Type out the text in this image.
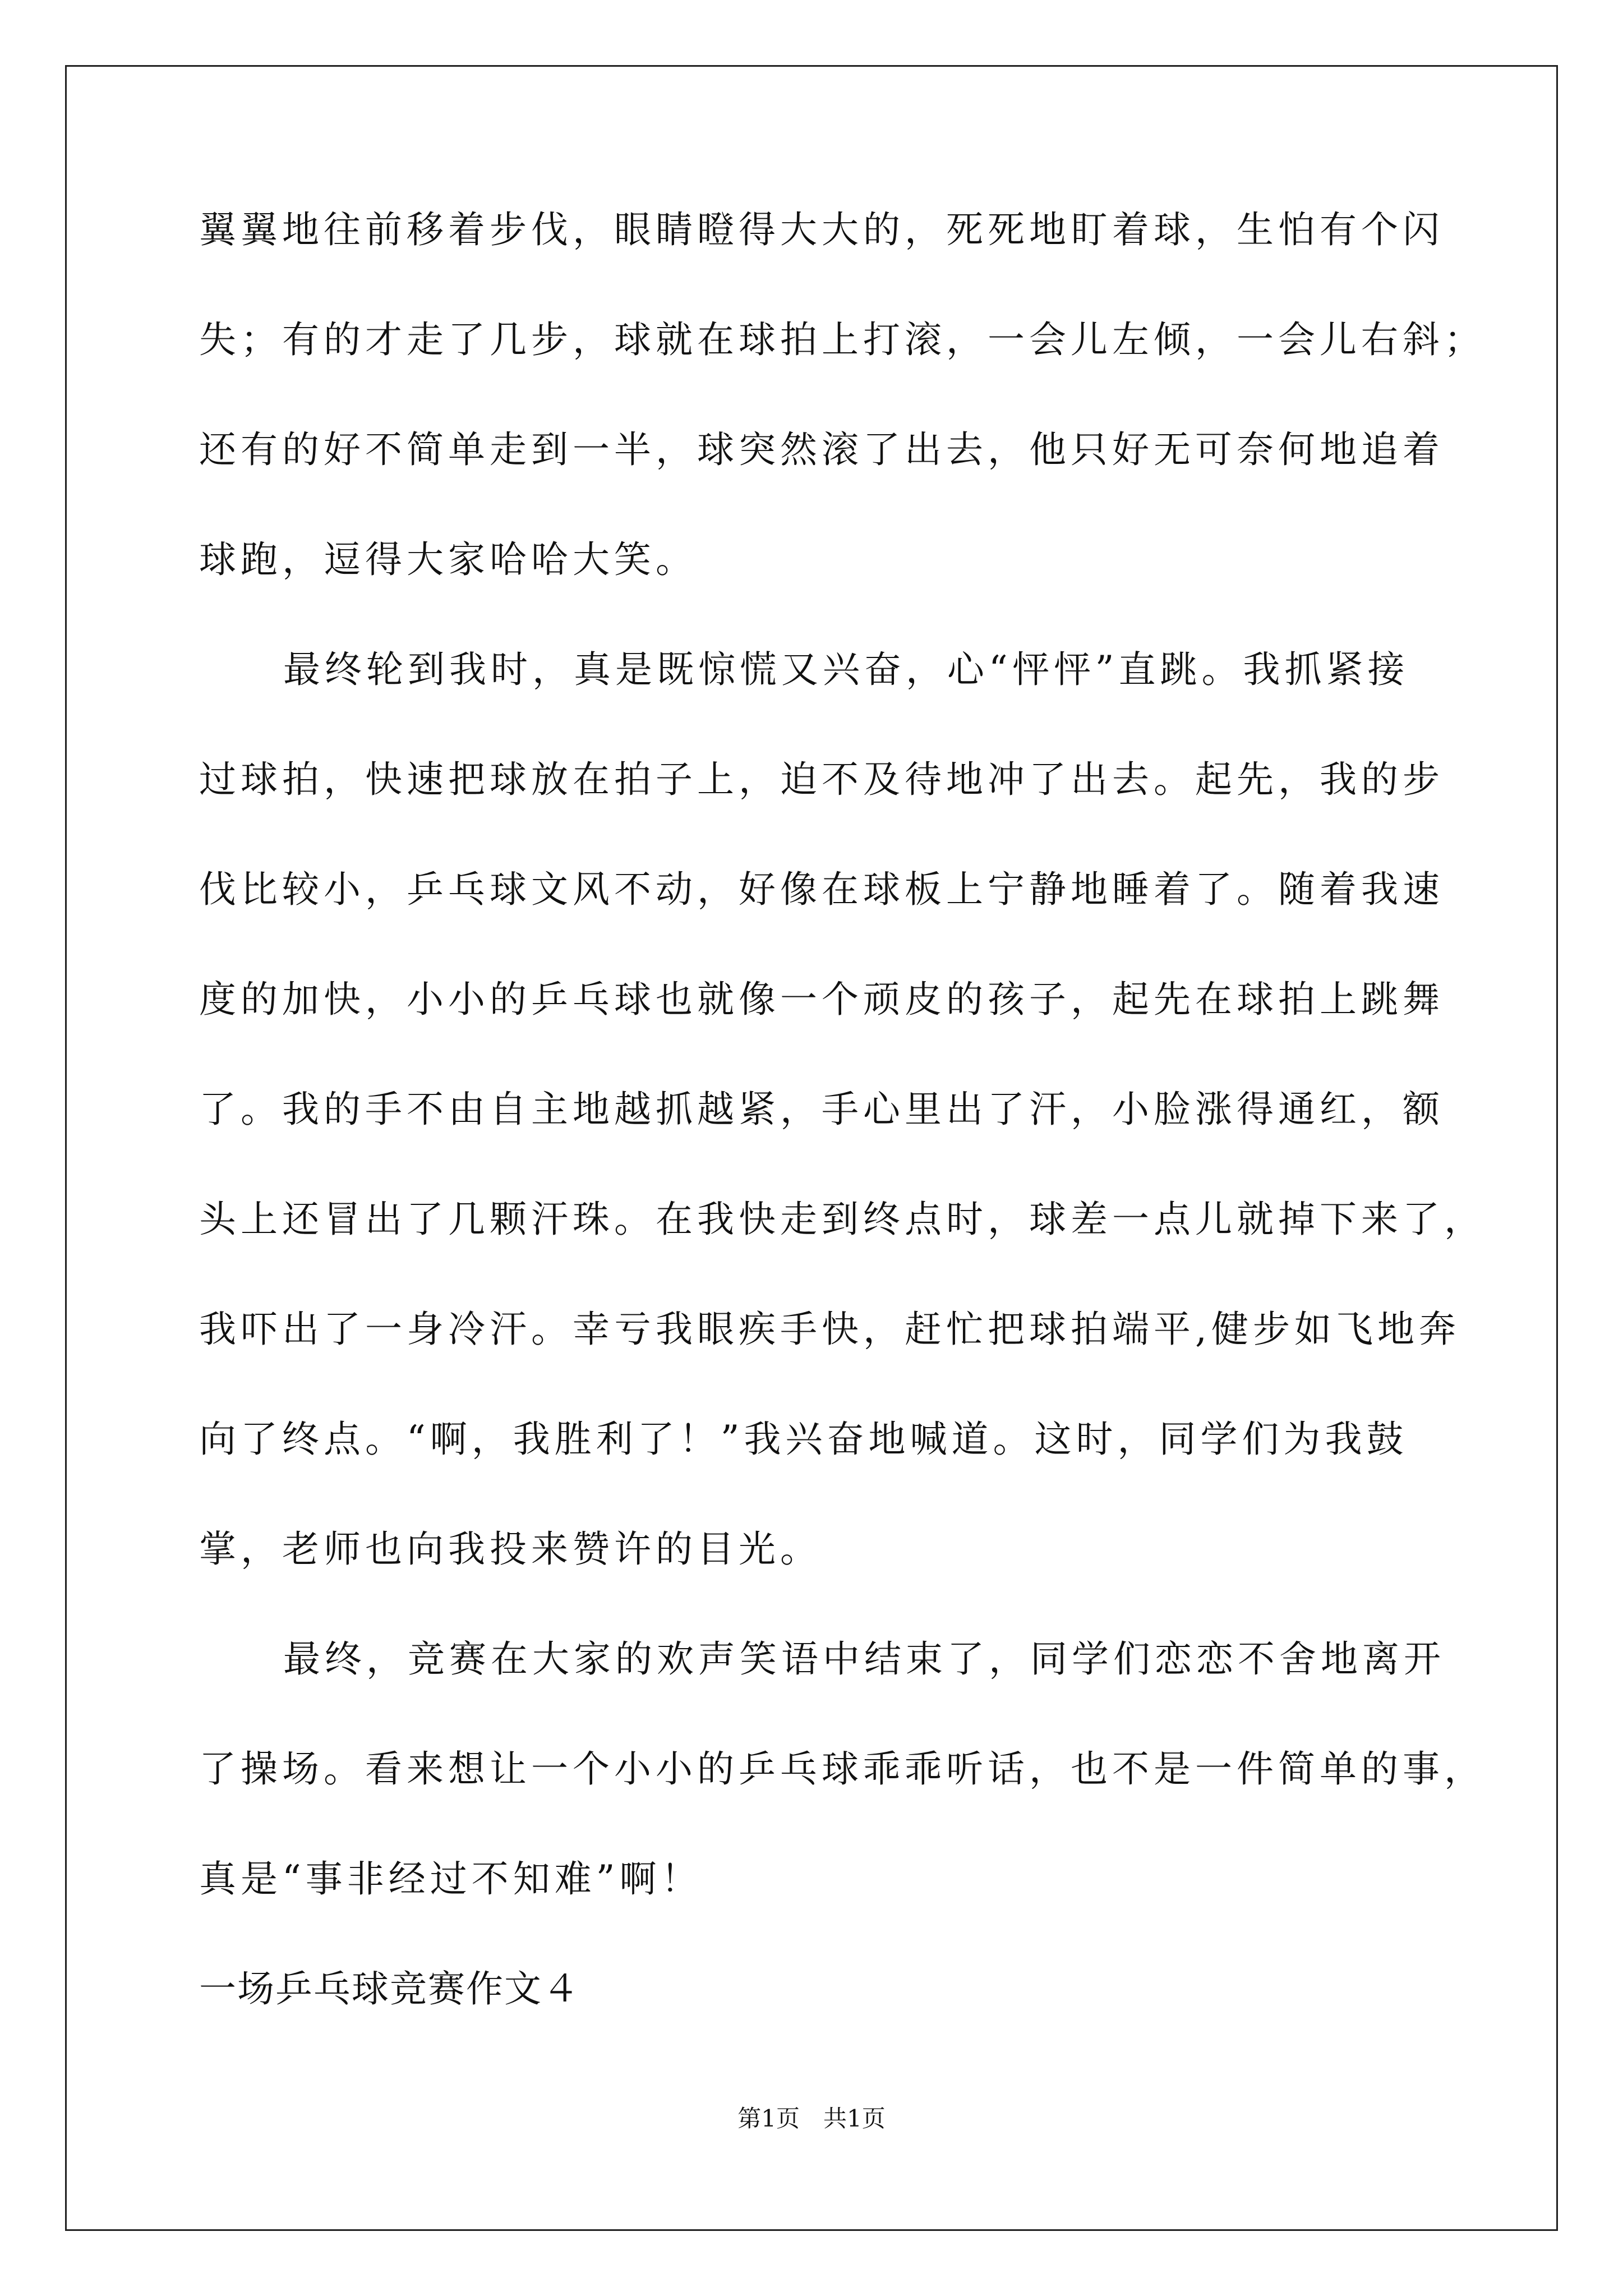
翼翼地往前移着步伐，眼睛瞪得大大的，死死地盯着球，生怕有个闪
失；有的才走了几步，球就在球拍上打滚，一会儿左倾，一会儿右斜；
还有的好不简单走到一半，球突然滚了出去，他只好无可奈何地追着
球跑，逗得大家哈哈大笑。
最终轮到我时，真是既惊慌又兴奋，心“怦怦”直跳。我抓紧接
过球拍，快速把球放在拍子上，迫不及待地冲了出去。起先，我的步
伐比较小，乒乓球文风不动，好像在球板上宁静地睡着了。随着我速
度的加快，小小的乒乓球也就像一个顽皮的孩子，起先在球拍上跳舞
了。我的手不由自主地越抓越紧，手心里出了汗，小脸涨得通红，额
头上还冒出了几颗汗珠。在我快走到终点时，球差一点儿就掉下来了，
我吓出了一身冷汗。幸亏我眼疾手快，赶忙把球拍端平,健步如飞地奔
向了终点。“啊，我胜利了！”我兴奋地喊道。这时，同学们为我鼓
掌，老师也向我投来赞许的目光。
最终，竞赛在大家的欢声笑语中结束了，同学们恋恋不舍地离开
了操场。看来想让一个小小的乒乓球乖乖听话，也不是一件简单的事，
真是“事非经过不知难”啊！
一场乒乓球竞赛作文４
第1页　共1页
